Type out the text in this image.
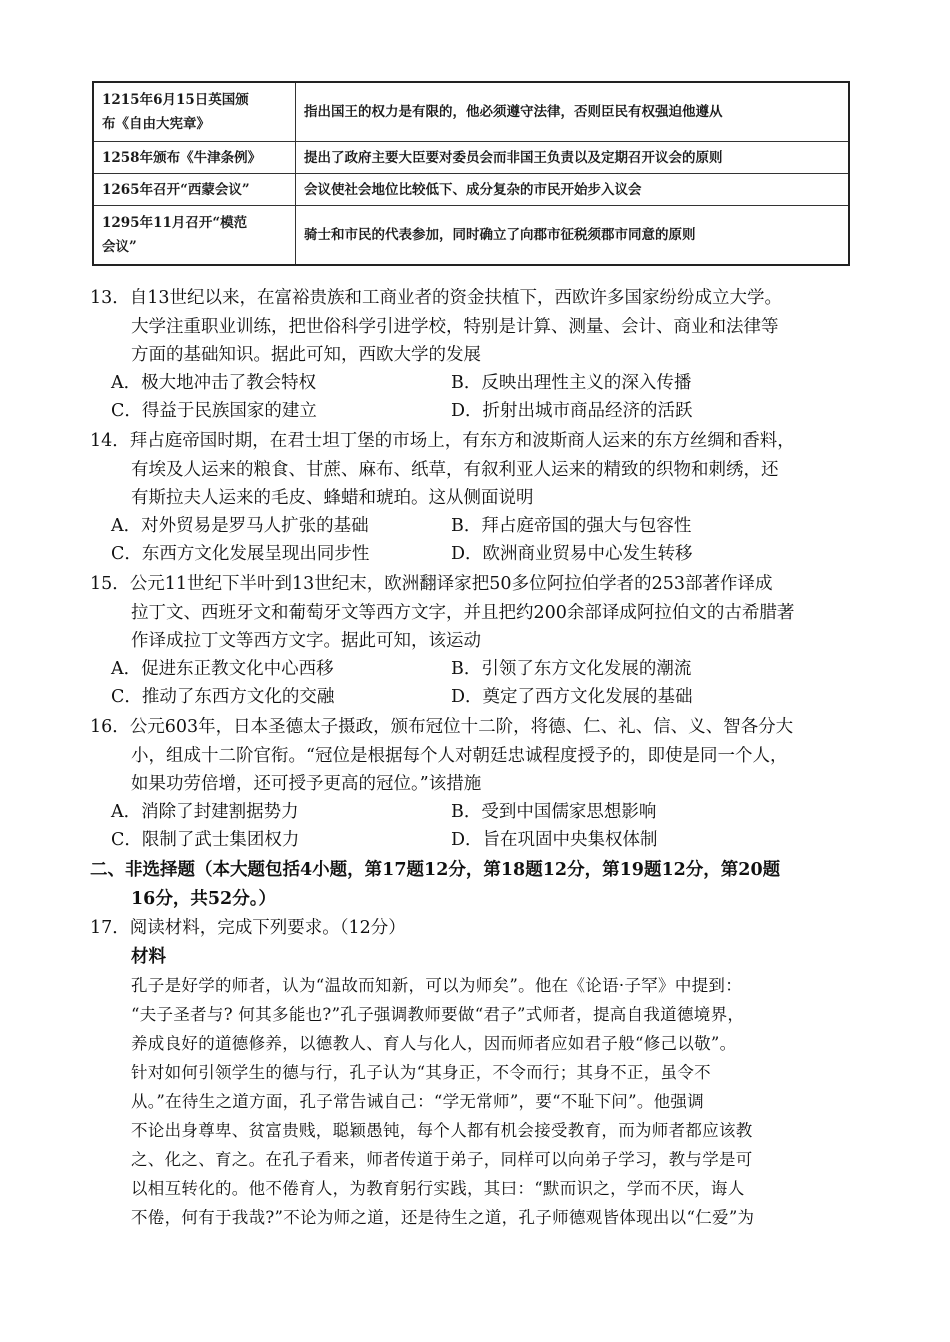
1215年6月15日英国颁
布《自由大宪章》	指出国王的权力是有限的，他必须遵守法律，否则臣民有权强迫他遵从
1258年颁布《牛津条例》	提出了政府主要大臣要对委员会而非国王负责以及定期召开议会的原则
1265年召开“西蒙会议”	会议使社会地位比较低下、成分复杂的市民开始步入议会

1295年11月召开“模范
会议”	骑士和市民的代表参加，同时确立了向郡市征税须郡市同意的原则
13．自13世纪以来，在富裕贵族和工商业者的资金扶植下，西欧许多国家纷纷成立大学。
大学注重职业训练，把世俗科学引进学校，特别是计算、测量、会计、商业和法律等
方面的基础知识。据此可知，西欧大学的发展
A．极大地冲击了教会特权	B．反映出理性主义的深入传播
C．得益于民族国家的建立	D．折射出城市商品经济的活跃
14．拜占庭帝国时期，在君士坦丁堡的市场上，有东方和波斯商人运来的东方丝绸和香料，
有埃及人运来的粮食、甘蔗、麻布、纸草，有叙利亚人运来的精致的织物和刺绣，还
有斯拉夫人运来的毛皮、蜂蜡和琥珀。这从侧面说明
A．对外贸易是罗马人扩张的基础	B．拜占庭帝国的强大与包容性
C．东西方文化发展呈现出同步性	D．欧洲商业贸易中心发生转移
15．公元11世纪下半叶到13世纪末，欧洲翻译家把50多位阿拉伯学者的253部著作译成
拉丁文、西班牙文和葡萄牙文等西方文字，并且把约200余部译成阿拉伯文的古希腊著
作译成拉丁文等西方文字。据此可知，该运动
A．促进东正教文化中心西移	B．引领了东方文化发展的潮流
C．推动了东西方文化的交融	D．奠定了西方文化发展的基础
16．公元603年，日本圣德太子摄政，颁布冠位十二阶，将德、仁、礼、信、义、智各分大
小，组成十二阶官衔。“冠位是根据每个人对朝廷忠诚程度授予的，即使是同一个人，
如果功劳倍增，还可授予更高的冠位。”该措施
A．消除了封建割据势力	B．受到中国儒家思想影响
C．限制了武士集团权力	D．旨在巩固中央集权体制
二、非选择题（本大题包括4小题，第17题12分，第18题12分，第19题12分，第20题
16分，共52分。）
17．阅读材料，完成下列要求。（12分）
材料
孔子是好学的师者，认为“温故而知新，可以为师矣”。他在《论语·子罕》中提到：
“夫子圣者与? 何其多能也?”孔子强调教师要做“君子”式师者，提高自我道德境界，
养成良好的道德修养，以德教人、育人与化人，因而师者应如君子般“修己以敬”。
针对如何引领学生的德与行，孔子认为“其身正，不令而行；其身不正，虽令不
从。”在待生之道方面，孔子常告诫自己：“学无常师”，要“不耻下问”。他强调
不论出身尊卑、贫富贵贱，聪颖愚钝，每个人都有机会接受教育，而为师者都应该教
之、化之、育之。在孔子看来，师者传道于弟子，同样可以向弟子学习，教与学是可
以相互转化的。他不倦育人，为教育躬行实践，其曰：“默而识之，学而不厌，诲人
不倦，何有于我哉?”不论为师之道，还是待生之道，孔子师德观皆体现出以“仁爱”为
